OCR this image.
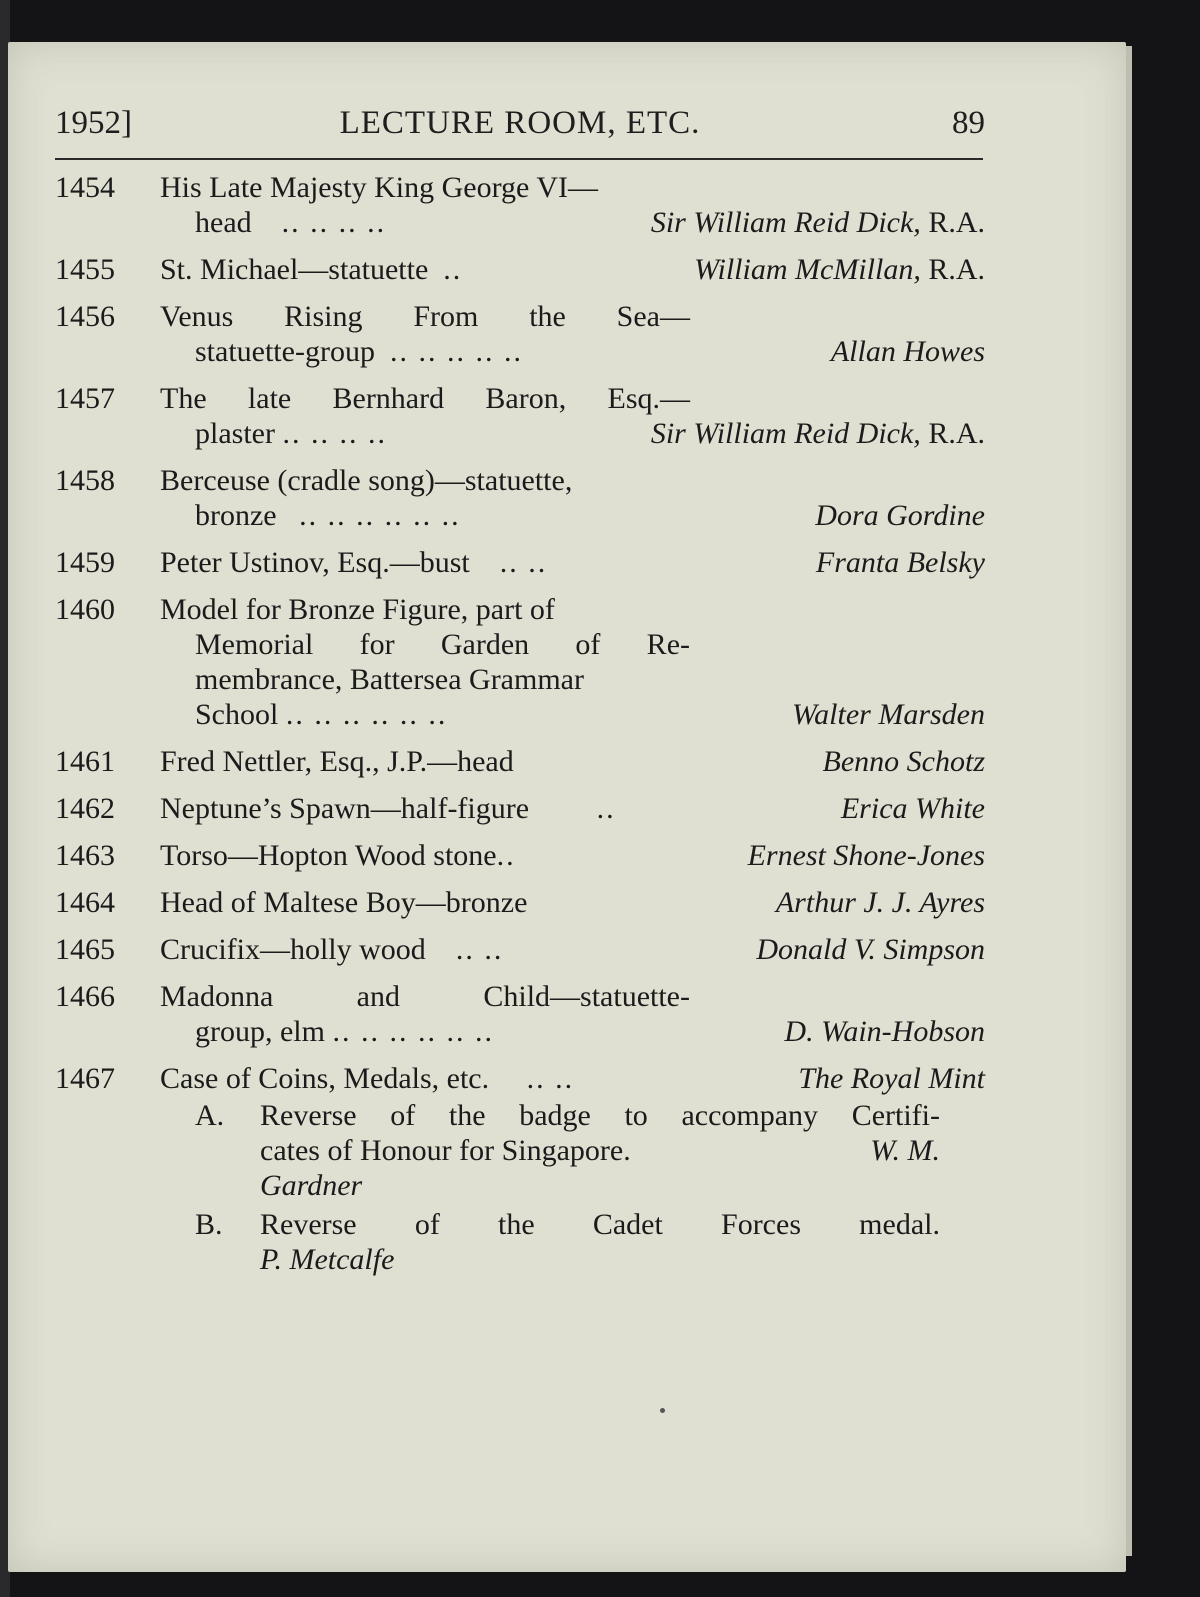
1952]	LECTURE ROOM, ETC.	89
1454	His Late Majesty King George VI—
head .. .. .. ..	Sir William Reid Dick, R.A.
1455	St. Michael—statuette ..	William McMillan, R.A.
1456	Venus Rising From the Sea—
statuette-group .. .. .. .. ..	Allan Howes
1457	The late Bernhard Baron, Esq.—
plaster .. .. .. ..	Sir William Reid Dick, R.A.
1458	Berceuse (cradle song)—statuette,
bronze .. .. .. .. .. ..	Dora Gordine
1459	Peter Ustinov, Esq.—bust .. ..	Franta Belsky
1460	Model for Bronze Figure, part of
Memorial for Garden of Re-
membrance, Battersea Grammar
School .. .. .. .. .. ..	Walter Marsden
1461	Fred Nettler, Esq., J.P.—head	Benno Schotz
1462	Neptune’s Spawn—half-figure ..	Erica White
1463	Torso—Hopton Wood stone..	Ernest Shone-Jones
1464	Head of Maltese Boy—bronze	Arthur J. J. Ayres
1465	Crucifix—holly wood .. ..	Donald V. Simpson
1466	Madonna and Child—statuette-
group, elm .. .. .. .. .. ..	D. Wain-Hobson
1467	Case of Coins, Medals, etc. .. ..	The Royal Mint
A. Reverse of the badge to accompany Certifi-
cates of Honour for Singapore.	W. M.
Gardner
B. Reverse of the Cadet Forces medal.
P. Metcalfe
